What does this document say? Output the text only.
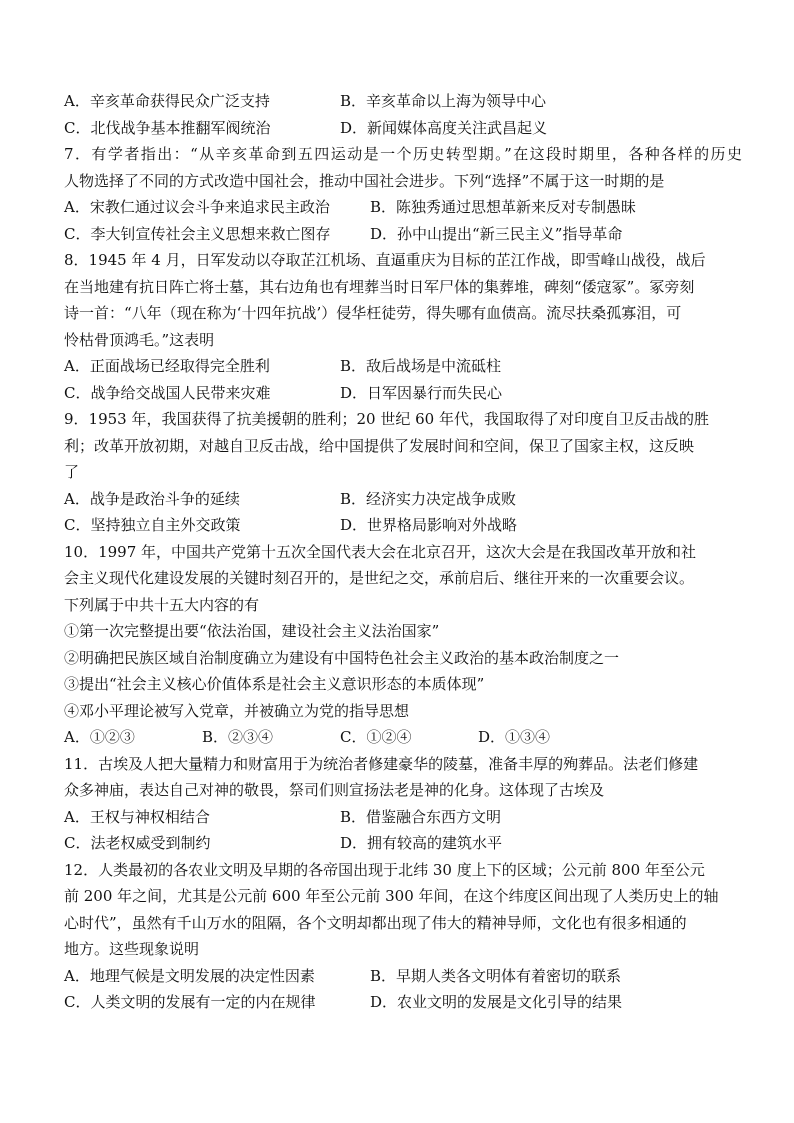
A．辛亥革命获得民众广泛支持	B．辛亥革命以上海为领导中心
C．北伐战争基本推翻军阀统治	D．新闻媒体高度关注武昌起义
7．有学者指出：“从辛亥革命到五四运动是一个历史转型期。”在这段时期里，各种各样的历史
人物选择了不同的方式改造中国社会，推动中国社会进步。下列“选择”不属于这一时期的是
A．宋教仁通过议会斗争来追求民主政治	B．陈独秀通过思想革新来反对专制愚昧
C．李大钊宣传社会主义思想来救亡图存	D．孙中山提出“新三民主义”指导革命
8．1945 年 4 月，日军发动以夺取芷江机场、直逼重庆为目标的芷江作战，即雪峰山战役，战后
在当地建有抗日阵亡将士墓，其右边角也有埋葬当时日军尸体的集葬堆，碑刻“倭寇冢”。冢旁刻
诗一首：“八年（现在称为‘十四年抗战’）侵华枉徒劳，得失哪有血债高。流尽扶桑孤寡泪，可
怜枯骨顶鸿毛。”这表明
A．正面战场已经取得完全胜利	B．敌后战场是中流砥柱
C．战争给交战国人民带来灾难	D．日军因暴行而失民心
9．1953 年，我国获得了抗美援朝的胜利；20 世纪 60 年代，我国取得了对印度自卫反击战的胜
利；改革开放初期，对越自卫反击战，给中国提供了发展时间和空间，保卫了国家主权，这反映
了
A．战争是政治斗争的延续	B．经济实力决定战争成败
C．坚持独立自主外交政策	D．世界格局影响对外战略
10．1997 年，中国共产党第十五次全国代表大会在北京召开，这次大会是在我国改革开放和社
会主义现代化建设发展的关键时刻召开的，是世纪之交，承前启后、继往开来的一次重要会议。
下列属于中共十五大内容的有
①第一次完整提出要“依法治国，建设社会主义法治国家”
②明确把民族区域自治制度确立为建设有中国特色社会主义政治的基本政治制度之一
③提出“社会主义核心价值体系是社会主义意识形态的本质体现”
④邓小平理论被写入党章，并被确立为党的指导思想
A．①②③	B．②③④	C．①②④	D．①③④
11．古埃及人把大量精力和财富用于为统治者修建豪华的陵墓，准备丰厚的殉葬品。法老们修建
众多神庙，表达自己对神的敬畏，祭司们则宣扬法老是神的化身。这体现了古埃及
A．王权与神权相结合	B．借鉴融合东西方文明
C．法老权威受到制约	D．拥有较高的建筑水平
12．人类最初的各农业文明及早期的各帝国出现于北纬 30 度上下的区域；公元前 800 年至公元
前 200 年之间，尤其是公元前 600 年至公元前 300 年间，在这个纬度区间出现了人类历史上的轴
心时代”，虽然有千山万水的阻隔，各个文明却都出现了伟大的精神导师，文化也有很多相通的
地方。这些现象说明
A．地理气候是文明发展的决定性因素	B．早期人类各文明体有着密切的联系
C．人类文明的发展有一定的内在规律	D．农业文明的发展是文化引导的结果
